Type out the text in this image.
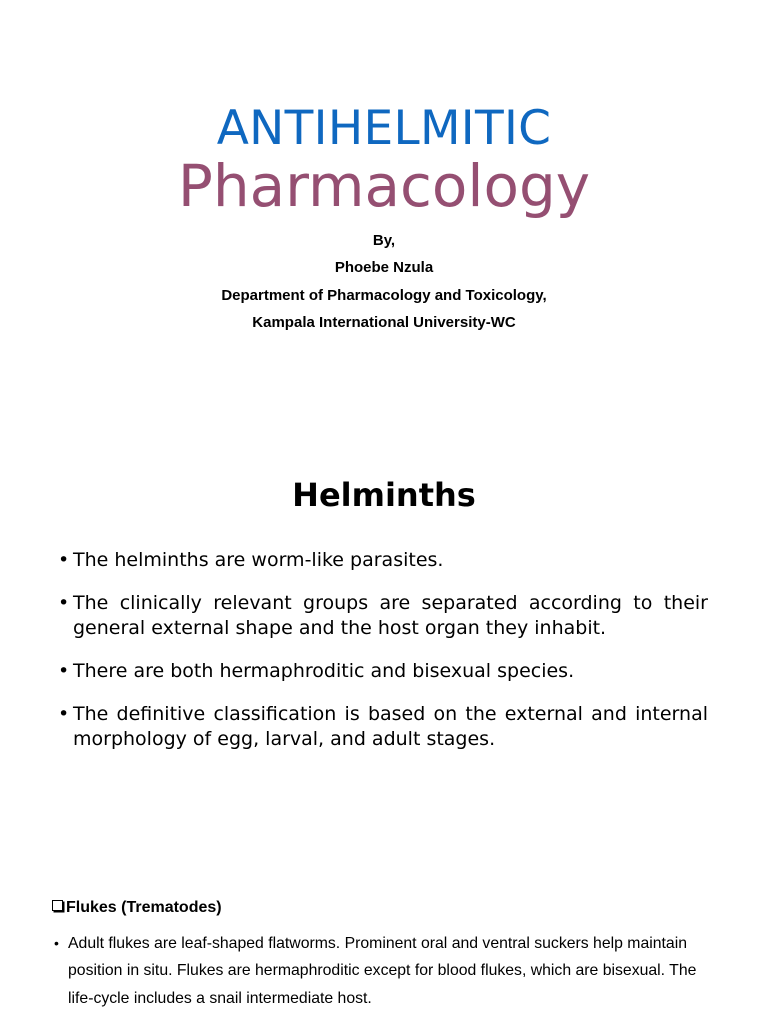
ANTIHELMITIC
Pharmacology
By,
Phoebe Nzula
Department of Pharmacology and Toxicology,
Kampala International University-WC
Helminths
• The helminths are worm-like parasites.
• The clinically relevant groups are separated according to their general external shape and the host organ they inhabit.
• There are both hermaphroditic and bisexual species.
• The definitive classification is based on the external and internal morphology of egg, larval, and adult stages.
Flukes (Trematodes)
• Adult flukes are leaf-shaped flatworms. Prominent oral and ventral suckers help maintain position in situ. Flukes are hermaphroditic except for blood flukes, which are bisexual. The life-cycle includes a snail intermediate host.
